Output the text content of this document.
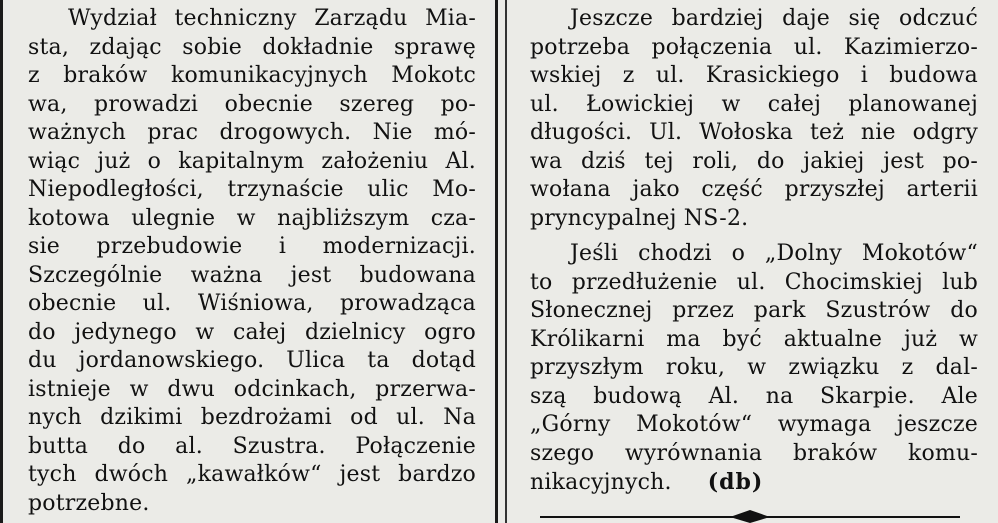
Wydział techniczny Zarządu Mia-
sta, zdając sobie dokładnie sprawę
z braków komunikacyjnych Mokotc
wa, prowadzi obecnie szereg po-
ważnych prac drogowych. Nie mó-
wiąc już o kapitalnym założeniu Al.
Niepodległości, trzynaście ulic Mo-
kotowa ulegnie w najbliższym cza-
sie przebudowie i modernizacji.
Szczególnie ważna jest budowana
obecnie ul. Wiśniowa, prowadząca
do jedynego w całej dzielnicy ogro
du jordanowskiego. Ulica ta dotąd
istnieje w dwu odcinkach, przerwa-
nych dzikimi bezdrożami od ul. Na
butta do al. Szustra. Połączenie
tych dwóch „kawałków“ jest bardzo
potrzebne.
Jeszcze bardziej daje się odczuć
potrzeba połączenia ul. Kazimierzo-
wskiej z ul. Krasickiego i budowa
ul. Łowickiej w całej planowanej
długości. Ul. Wołoska też nie odgry
wa dziś tej roli, do jakiej jest po-
wołana jako część przyszłej arterii
pryncypalnej NS-2.
Jeśli chodzi o „Dolny Mokotów“
to przedłużenie ul. Chocimskiej lub
Słonecznej przez park Szustrów do
Królikarni ma być aktualne już w
przyszłym roku, w związku z dal-
szą budową Al. na Skarpie. Ale
„Górny Mokotów“ wymaga jeszcze
szego wyrównania braków komu-
nikacyjnych. (db)
